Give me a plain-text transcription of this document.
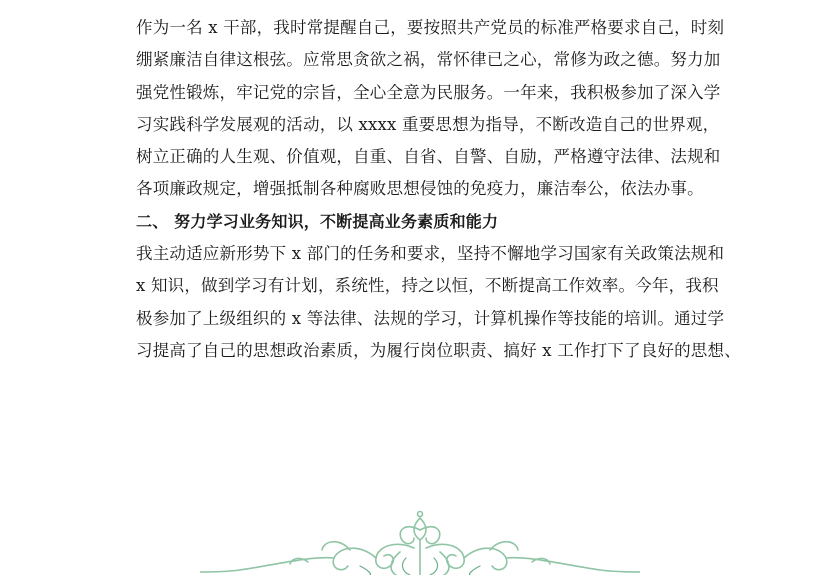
作为一名 x 干部，我时常提醒自己，要按照共产党员的标准严格要求自己，时刻
绷紧廉洁自律这根弦。应常思贪欲之祸，常怀律已之心，常修为政之德。努力加
强党性锻炼，牢记党的宗旨，全心全意为民服务。一年来，我积极参加了深入学
习实践科学发展观的活动，以 xxxx 重要思想为指导，不断改造自己的世界观，
树立正确的人生观、价值观，自重、自省、自警、自励，严格遵守法律、法规和
各项廉政规定，增强抵制各种腐败思想侵蚀的免疫力，廉洁奉公，依法办事。
二、 努力学习业务知识，不断提高业务素质和能力
我主动适应新形势下 x 部门的任务和要求，坚持不懈地学习国家有关政策法规和
x 知识，做到学习有计划，系统性，持之以恒，不断提高工作效率。今年，我积
极参加了上级组织的 x 等法律、法规的学习，计算机操作等技能的培训。通过学
习提高了自己的思想政治素质，为履行岗位职责、搞好 x 工作打下了良好的思想、
